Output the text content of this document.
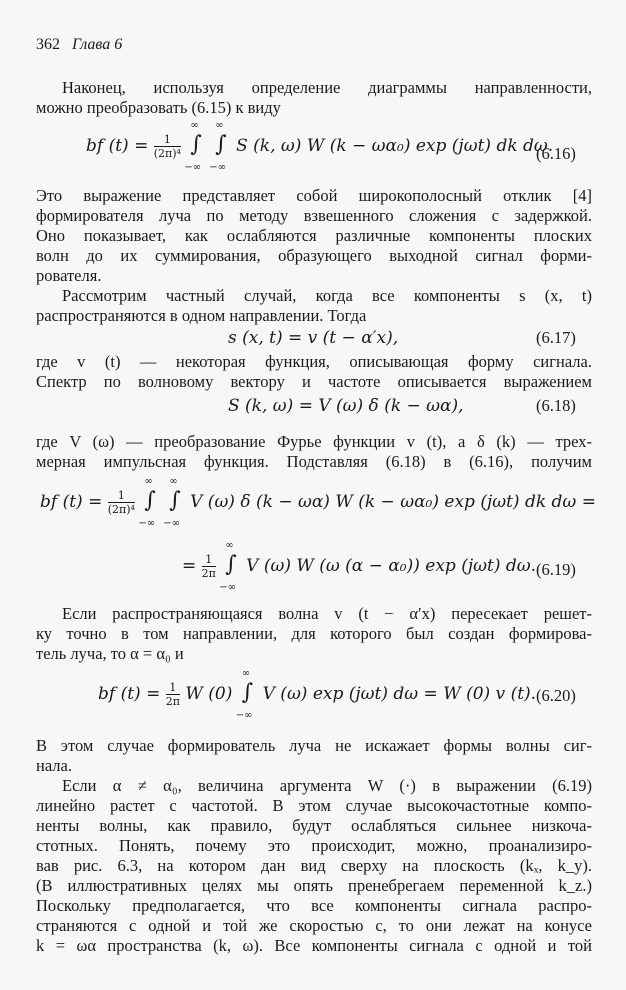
362 Глава 6
Наконец, используя определение диаграммы направленности,
можно преобразовать (6.15) к виду
bf $(t) = \frac{1}{\text{(2π)⁴}}$ ∫
∞
−∞
∫
∞
−∞
S (k, ω) W (k − ωα₀) exp (jωt) dk dω.
(6.16)
Это выражение представляет собой широкополосный отклик [4]
формирователя луча по методу взвешенного сложения с задержкой.
Оно показывает, как ослабляются различные компоненты плоских
волн до их суммирования, образующего выходной сигнал форми-
рователя.
Рассмотрим частный случай, когда все компоненты s (x, t)
распространяются в одном направлении. Тогда
s (x, t) = v (t − α′x),	(6.17)
где v (t) — некоторая функция, описывающая форму сигнала.
Спектр по волновому вектору и частоте описывается выражением
S (k, ω) = V (ω) δ (k − ωα),	(6.18)
где V (ω) — преобразование Фурье функции v (t), а δ (k) — трех-
мерная импульсная функция. Подставляя (6.18) в (6.16), получим
bf $(t) = \frac{1}{\text{(2π)⁴}}$ ∫
∞
−∞
∫
∞
−∞
V (ω) δ (k − ωα) W (k − ωα₀) exp (jωt) dk dω =
= $\frac{1}{2\pi}$ ∫
∞
−∞
V (ω) W (ω (α − α₀)) exp (jωt) dω. (6.19)
Если распространяющаяся волна v (t − α′x) пересекает решет-
ку точно в том направлении, для которого был создан формирова-
тель луча, то α = α₀ и
bf $(t) = \frac{1}{2\pi}$ W (0) ∫
∞
−∞
V (ω) exp (jωt) dω = W (0) v (t). (6.20)
В этом случае формирователь луча не искажает формы волны сиг-
нала.
Если α ≠ α₀, величина аргумента W (·) в выражении (6.19)
линейно растет с частотой. В этом случае высокочастотные компо-
ненты волны, как правило, будут ослабляться сильнее низкоча-
стотных. Понять, почему это происходит, можно, проанализиро-
вав рис. 6.3, на котором дан вид сверху на плоскость (kₓ, k_y).
(В иллюстративных целях мы опять пренебрегаем переменной k_z.)
Поскольку предполагается, что все компоненты сигнала распро-
страняются с одной и той же скоростью c, то они лежат на конусе
k = ωα пространства (k, ω). Все компоненты сигнала с одной и той
